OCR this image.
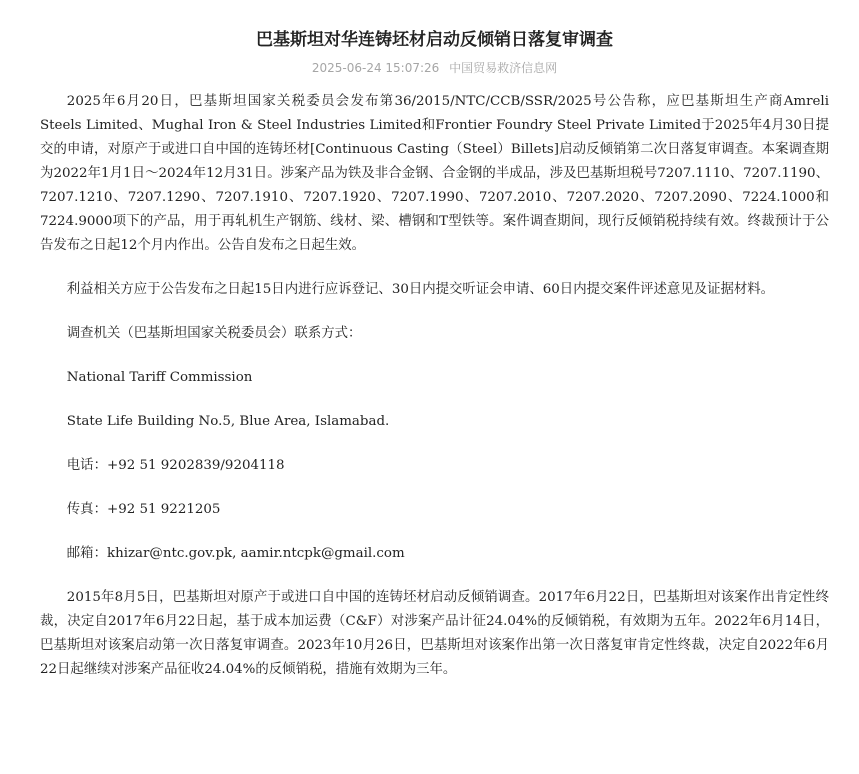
巴基斯坦对华连铸坯材启动反倾销日落复审调查
2025-06-24 15:07:26 中国贸易救济信息网

2025年6月20日，巴基斯坦国家关税委员会发布第36/2015/NTC/CCB/SSR/2025号公告称，应巴基斯坦生产商Amreli Steels Limited、Mughal Iron & Steel Industries Limited和Frontier Foundry Steel Private Limited于2025年4月30日提交的申请，对原产于或进口自中国的连铸坯材[Continuous Casting（Steel）Billets]启动反倾销第二次日落复审调查。本案调查期为2022年1月1日～2024年12月31日。涉案产品为铁及非合金钢、合金钢的半成品，涉及巴基斯坦税号7207.1110、7207.1190、7207.1210、7207.1290、7207.1910、7207.1920、7207.1990、7207.2010、7207.2020、7207.2090、7224.1000和7224.9000项下的产品，用于再轧机生产钢筋、线材、梁、槽钢和T型铁等。案件调查期间，现行反倾销税持续有效。终裁预计于公告发布之日起12个月内作出。公告自发布之日起生效。

利益相关方应于公告发布之日起15日内进行应诉登记、30日内提交听证会申请、60日内提交案件评述意见及证据材料。

调查机关（巴基斯坦国家关税委员会）联系方式：

National Tariff Commission

State Life Building No.5, Blue Area, Islamabad.

电话：+92 51 9202839/9204118

传真：+92 51 9221205

邮箱：khizar@ntc.gov.pk, aamir.ntcpk@gmail.com

2015年8月5日，巴基斯坦对原产于或进口自中国的连铸坯材启动反倾销调查。2017年6月22日，巴基斯坦对该案作出肯定性终裁，决定自2017年6月22日起，基于成本加运费（C&F）对涉案产品计征24.04%的反倾销税，有效期为五年。2022年6月14日，巴基斯坦对该案启动第一次日落复审调查。2023年10月26日，巴基斯坦对该案作出第一次日落复审肯定性终裁，决定自2022年6月22日起继续对涉案产品征收24.04%的反倾销税，措施有效期为三年。
